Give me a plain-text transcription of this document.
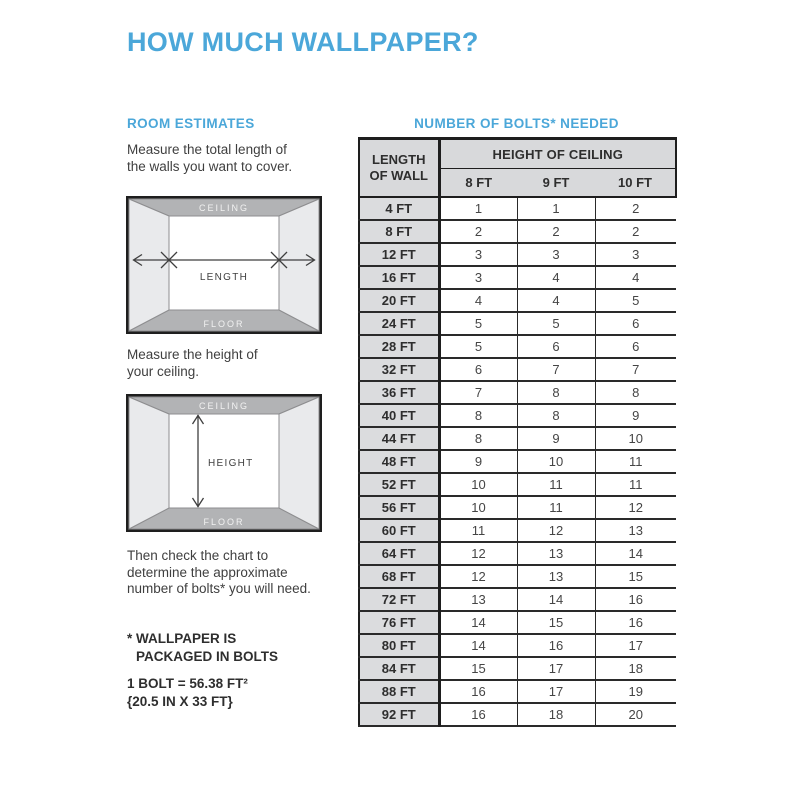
HOW MUCH WALLPAPER?
ROOM ESTIMATES

Measure the total length of
the walls you want to cover.

CEILING
FLOOR
LENGTH

Measure the height of
your ceiling.

CEILING
FLOOR
HEIGHT

Then check the chart to
determine the approximate
number of bolts* you will need.

* WALLPAPER IS
PACKAGED IN BOLTS
1 BOLT = 56.38 FT²
{20.5 IN X 33 FT}
NUMBER OF BOLTS* NEEDED
LENGTH
OF WALL	HEIGHT OF CEILING		
	8 FT	9 FT	10 FT
4 FT	1	1	2
8 FT	2	2	2
12 FT	3	3	3
16 FT	3	4	4
20 FT	4	4	5
24 FT	5	5	6
28 FT	5	6	6
32 FT	6	7	7
36 FT	7	8	8
40 FT	8	8	9
44 FT	8	9	10
48 FT	9	10	11
52 FT	10	11	11
56 FT	10	11	12
60 FT	11	12	13
64 FT	12	13	14
68 FT	12	13	15
72 FT	13	14	16
76 FT	14	15	16
80 FT	14	16	17
84 FT	15	17	18
88 FT	16	17	19
92 FT	16	18	20
